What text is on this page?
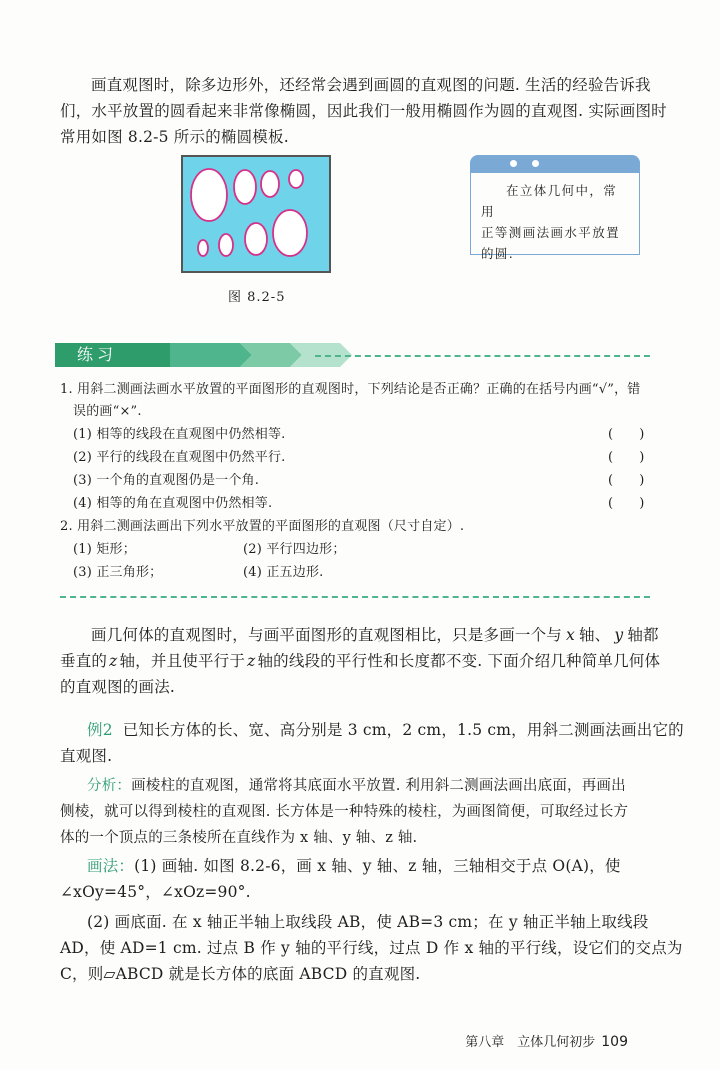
画直观图时，除多边形外，还经常会遇到画圆的直观图的问题. 生活的经验告诉我
们，水平放置的圆看起来非常像椭圆，因此我们一般用椭圆作为圆的直观图. 实际画图时
常用如图 8.2-5 所示的椭圆模板.
图 8.2-5
在立体几何中，常用
正等测画法画水平放置
的圆.
练习
1. 用斜二测画法画水平放置的平面图形的直观图时，下列结论是否正确？正确的在括号内画“√”，错
误的画“×”.
(1) 相等的线段在直观图中仍然相等.	(      )
(2) 平行的线段在直观图中仍然平行.	(      )
(3) 一个角的直观图仍是一个角.	(      )
(4) 相等的角在直观图中仍然相等.	(      )
2. 用斜二测画法画出下列水平放置的平面图形的直观图（尺寸自定）.
(1) 矩形；	(2) 平行四边形；
(3) 正三角形；	(4) 正五边形.
画几何体的直观图时，与画平面图形的直观图相比，只是多画一个与 x 轴、 y 轴都
垂直的 z 轴，并且使平行于 z 轴的线段的平行性和长度都不变. 下面介绍几种简单几何体
的直观图的画法.
例2 已知长方体的长、宽、高分别是 3 cm，2 cm，1.5 cm，用斜二测画法画出它的
直观图.
分析：画棱柱的直观图，通常将其底面水平放置. 利用斜二测画法画出底面，再画出
侧棱，就可以得到棱柱的直观图. 长方体是一种特殊的棱柱，为画图简便，可取经过长方
体的一个顶点的三条棱所在直线作为 x 轴、y 轴、z 轴.
画法：(1) 画轴. 如图 8.2-6，画 x 轴、y 轴、z 轴，三轴相交于点 O(A)，使
∠xOy=45°，∠xOz=90°.
(2) 画底面. 在 x 轴正半轴上取线段 AB，使 AB=3 cm；在 y 轴正半轴上取线段
AD，使 AD=1 cm. 过点 B 作 y 轴的平行线，过点 D 作 x 轴的平行线，设它们的交点为
C，则▱ABCD 就是长方体的底面 ABCD 的直观图.
第八章　立体几何初步 109
